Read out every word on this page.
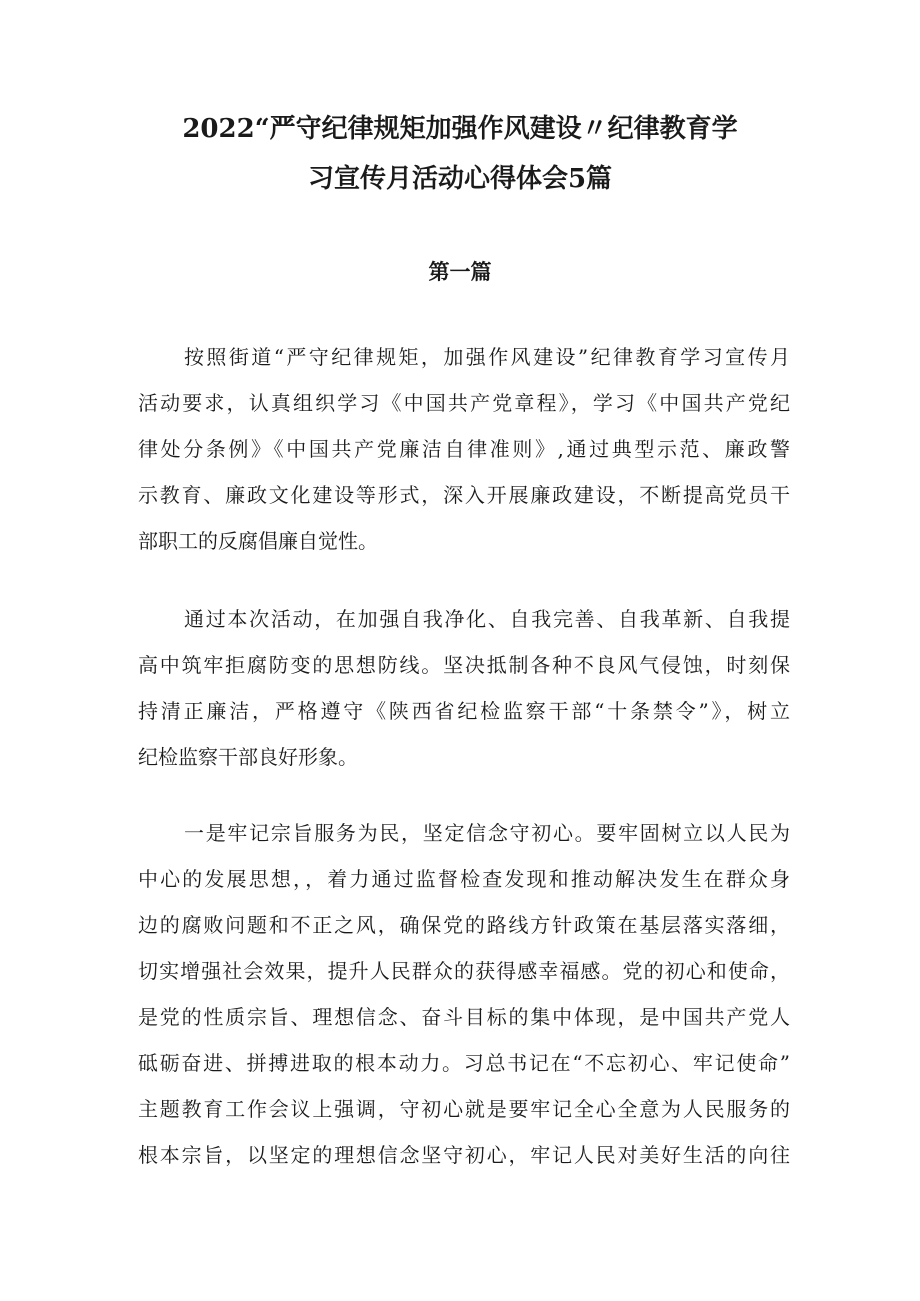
2022“严守纪律规矩加强作风建设〃纪律教育学
习宣传月活动心得体会5篇
第一篇

按照街道“严守纪律规矩，加强作风建设”纪律教育学习宣传月
活动要求，认真组织学习《中国共产党章程》，学习《中国共产党纪
律处分条例》《中国共产党廉洁自律准则》,通过典型示范、廉政警
示教育、廉政文化建设等形式，深入开展廉政建设，不断提高党员干
部职工的反腐倡廉自觉性。

通过本次活动，在加强自我净化、自我完善、自我革新、自我提
高中筑牢拒腐防变的思想防线。坚决抵制各种不良风气侵蚀，时刻保
持清正廉洁，严格遵守《陕西省纪检监察干部“十条禁令”》，树立
纪检监察干部良好形象。

一是牢记宗旨服务为民，坚定信念守初心。要牢固树立以人民为
中心的发展思想，，着力通过监督检查发现和推动解决发生在群众身
边的腐败问题和不正之风，确保党的路线方针政策在基层落实落细，
切实增强社会效果，提升人民群众的获得感幸福感。党的初心和使命，
是党的性质宗旨、理想信念、奋斗目标的集中体现，是中国共产党人
砥砺奋进、拼搏进取的根本动力。习总书记在“不忘初心、牢记使命”
主题教育工作会议上强调，守初心就是要牢记全心全意为人民服务的
根本宗旨，以坚定的理想信念坚守初心，牢记人民对美好生活的向往
